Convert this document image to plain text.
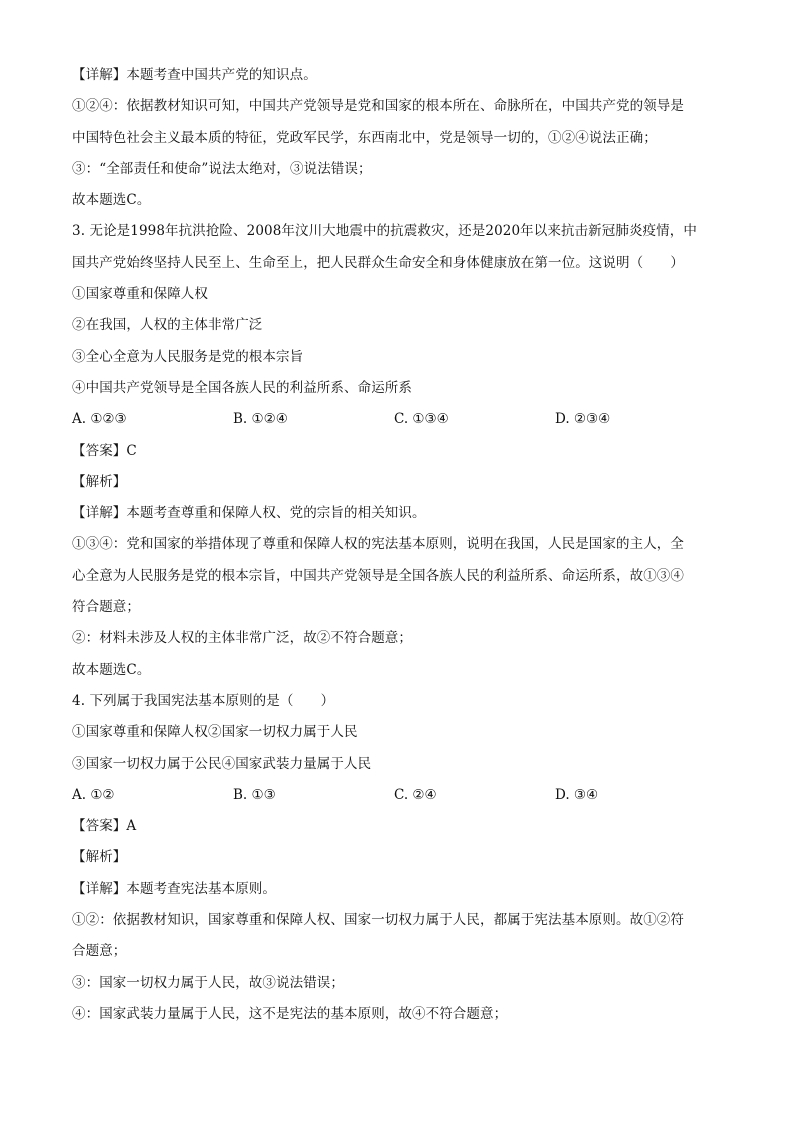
【详解】本题考查中国共产党的知识点。
①②④：依据教材知识可知，中国共产党领导是党和国家的根本所在、命脉所在，中国共产党的领导是
中国特色社会主义最本质的特征，党政军民学，东西南北中，党是领导一切的，①②④说法正确；
③：“全部责任和使命”说法太绝对，③说法错误；
故本题选C。
3. 无论是1998年抗洪抢险、2008年汶川大地震中的抗震救灾，还是2020年以来抗击新冠肺炎疫情，中
国共产党始终坚持人民至上、生命至上，把人民群众生命安全和身体健康放在第一位。这说明（　　）
①国家尊重和保障人权
②在我国，人权的主体非常广泛
③全心全意为人民服务是党的根本宗旨
④中国共产党领导是全国各族人民的利益所系、命运所系
A. ①②③	B. ①②④	C. ①③④	D. ②③④
【答案】C
【解析】
【详解】本题考查尊重和保障人权、党的宗旨的相关知识。
①③④：党和国家的举措体现了尊重和保障人权的宪法基本原则，说明在我国，人民是国家的主人，全
心全意为人民服务是党的根本宗旨，中国共产党领导是全国各族人民的利益所系、命运所系，故①③④
符合题意；
②：材料未涉及人权的主体非常广泛，故②不符合题意；
故本题选C。
4. 下列属于我国宪法基本原则的是（　　）
①国家尊重和保障人权②国家一切权力属于人民
③国家一切权力属于公民④国家武装力量属于人民
A. ①②	B. ①③	C. ②④	D. ③④
【答案】A
【解析】
【详解】本题考查宪法基本原则。
①②：依据教材知识，国家尊重和保障人权、国家一切权力属于人民，都属于宪法基本原则。故①②符
合题意；
③：国家一切权力属于人民，故③说法错误；
④：国家武装力量属于人民，这不是宪法的基本原则，故④不符合题意；
